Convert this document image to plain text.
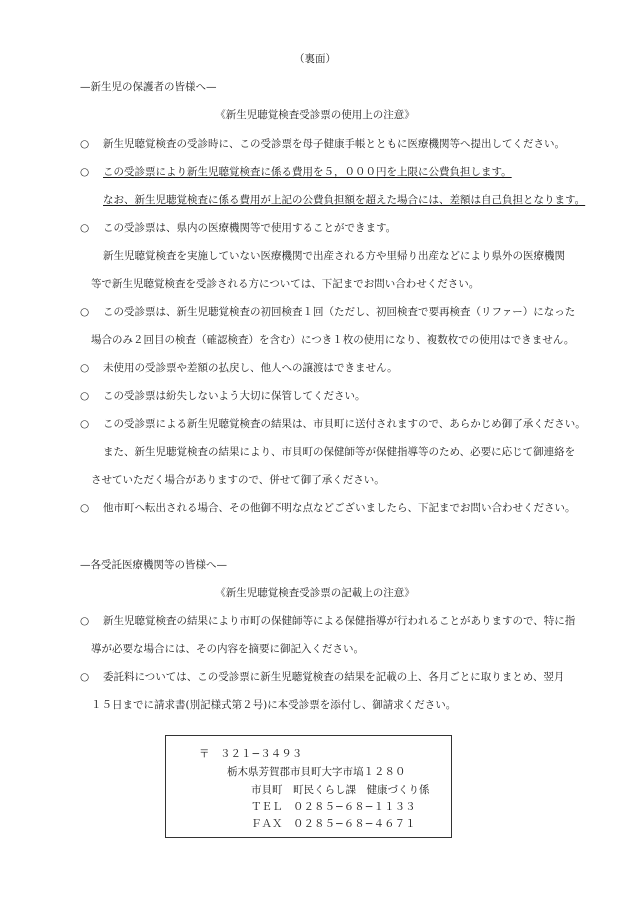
（裏面）
—新生児の保護者の皆様へ—
《新生児聴覚検査受診票の使用上の注意》
○ 新生児聴覚検査の受診時に、この受診票を母子健康手帳とともに医療機関等へ提出してください。
○ この受診票により新生児聴覚検査に係る費用を５，０００円を上限に公費負担します。
なお、新生児聴覚検査に係る費用が上記の公費負担額を超えた場合には、差額は自己負担となります。
○ この受診票は、県内の医療機関等で使用することができます。
新生児聴覚検査を実施していない医療機関で出産される方や里帰り出産などにより県外の医療機関
等で新生児聴覚検査を受診される方については、下記までお問い合わせください。
○ この受診票は、新生児聴覚検査の初回検査１回（ただし、初回検査で要再検査（リファー）になった
場合のみ２回目の検査（確認検査）を含む）につき１枚の使用になり、複数枚での使用はできません。
○ 未使用の受診票や差額の払戻し、他人への譲渡はできません。
○ この受診票は紛失しないよう大切に保管してください。
○ この受診票による新生児聴覚検査の結果は、市貝町に送付されますので、あらかじめ御了承ください。
また、新生児聴覚検査の結果により、市貝町の保健師等が保健指導等のため、必要に応じて御連絡を
させていただく場合がありますので、併せて御了承ください。
○ 他市町へ転出される場合、その他御不明な点などございましたら、下記までお問い合わせください。
—各受託医療機関等の皆様へ—
《新生児聴覚検査受診票の記載上の注意》
○ 新生児聴覚検査の結果により市町の保健師等による保健指導が行われることがありますので、特に指
導が必要な場合には、その内容を摘要に御記入ください。
○ 委託料については、この受診票に新生児聴覚検査の結果を記載の上、各月ごとに取りまとめ、翌月
１５日までに請求書(別記様式第２号)に本受診票を添付し、御請求ください。
〒　３２１−３４９３
栃木県芳賀郡市貝町大字市塙１２８０
市貝町　町民くらし課　健康づくり係
ＴＥＬ　０２８５−６８−１１３３
ＦＡＸ　０２８５−６８−４６７１
